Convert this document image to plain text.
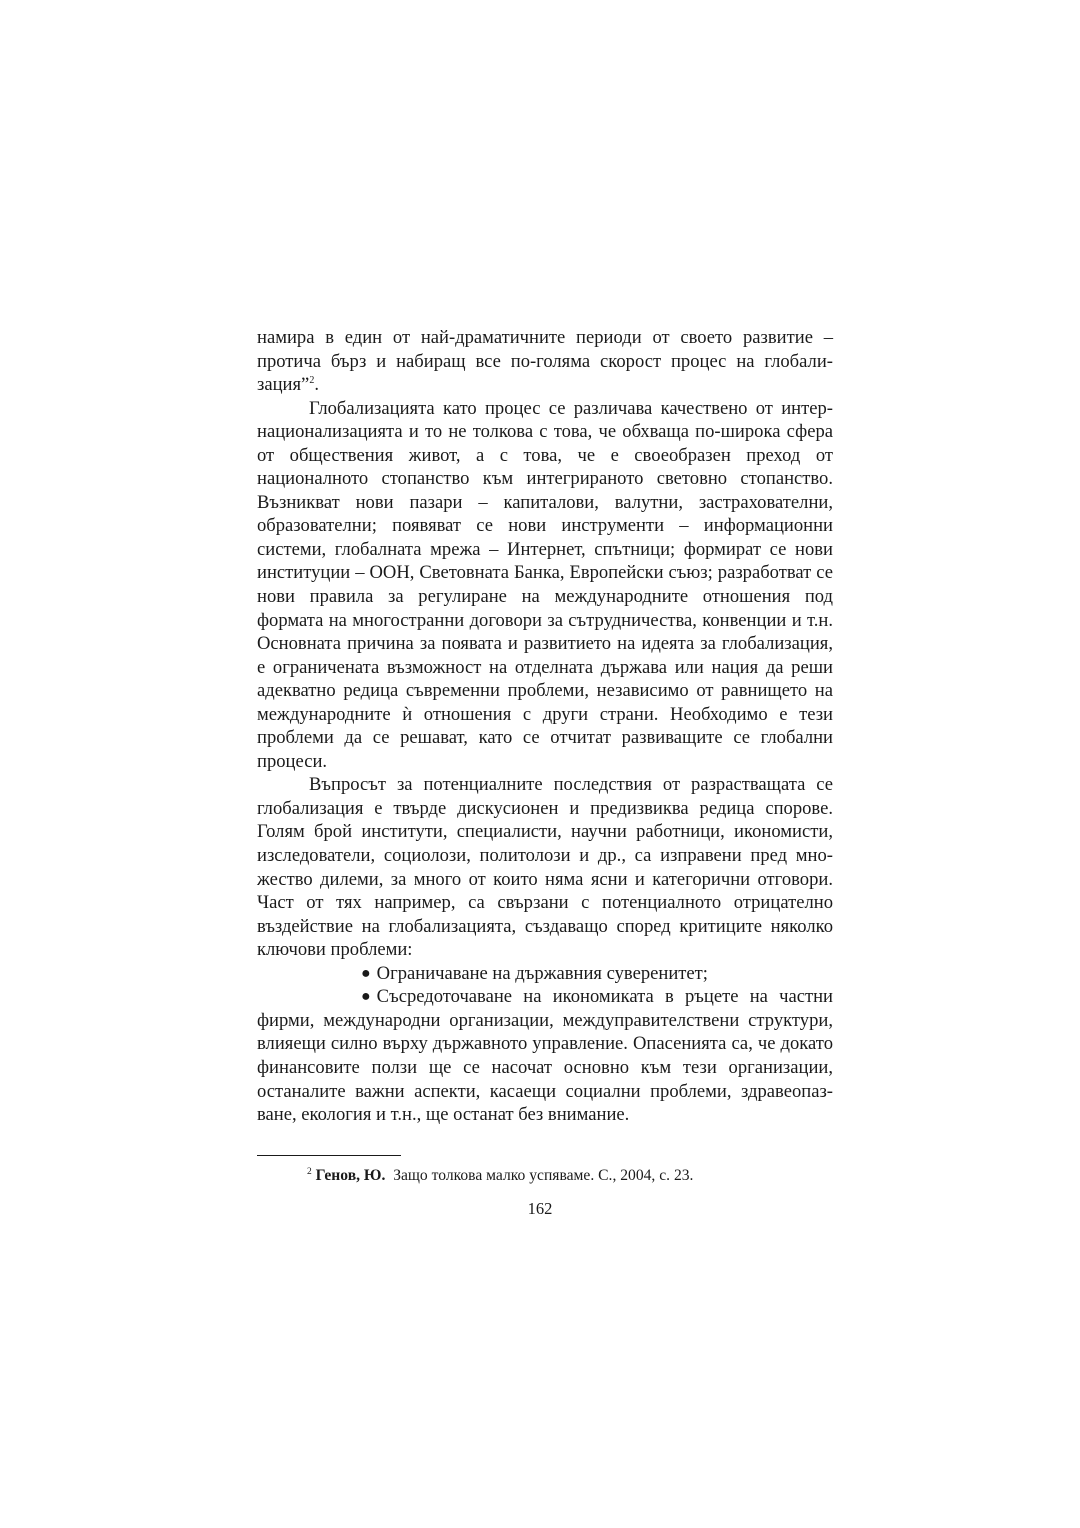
намира в един от най-драматичните периоди от своето развитие – протича бърз и набиращ все по-голяма скорост процес на глобализация”$^2$.

Глобализацията като процес се различава качествено от интернационализацията и то не толкова с това, че обхваща по-широка сфера от обществения живот, а с това, че е своеобразен преход от националното стопанство към интегрираното световно стопанство. Възникват нови пазари – капиталови, валутни, застрахователни, образователни; появяват се нови инструменти – информационни системи, глобалната мрежа – Интернет, спътници; формират се нови институции – ООН, Световната Банка, Европейски съюз; разработват се нови правила за регулиране на международните отношения под формата на многостранни договори за сътрудничества, конвенции и т.н. Основната причина за появата и развитието на идеята за глобализация, е ограничената възможност на отделната държава или нация да реши адекватно редица съвременни проблеми, независимо от равнището на международните ѝ отношения с други страни. Необходимо е тези проблеми да се решават, като се отчитат развиващите се глобални процеси.

Въпросът за потенциалните последствия от разрастващата се глобализация е твърде дискусионен и предизвиква редица спорове. Голям брой институти, специалисти, научни работници, икономисти, изследователи, социолози, политолози и др., са изправени пред множество дилеми, за много от които няма ясни и категорични отговори. Част от тях например, са свързани с потенциалното отрицателно въздействие на глобализацията, създаващо според критиците няколко ключови проблеми:

● Ограничаване на държавния суверенитет;

● Съсредоточаване на икономиката в ръцете на частни фирми, международни организации, междуправителствени структури, влияещи силно върху държавното управление. Опасенията са, че докато финансовите ползи ще се насочат основно към тези организации, останалите важни аспекти, касаещи социални проблеми, здравеопазване, екология и т.н., ще останат без внимание.

$^2$ Генов, Ю. Защо толкова малко успяваме. С., 2004, с. 23.
162
